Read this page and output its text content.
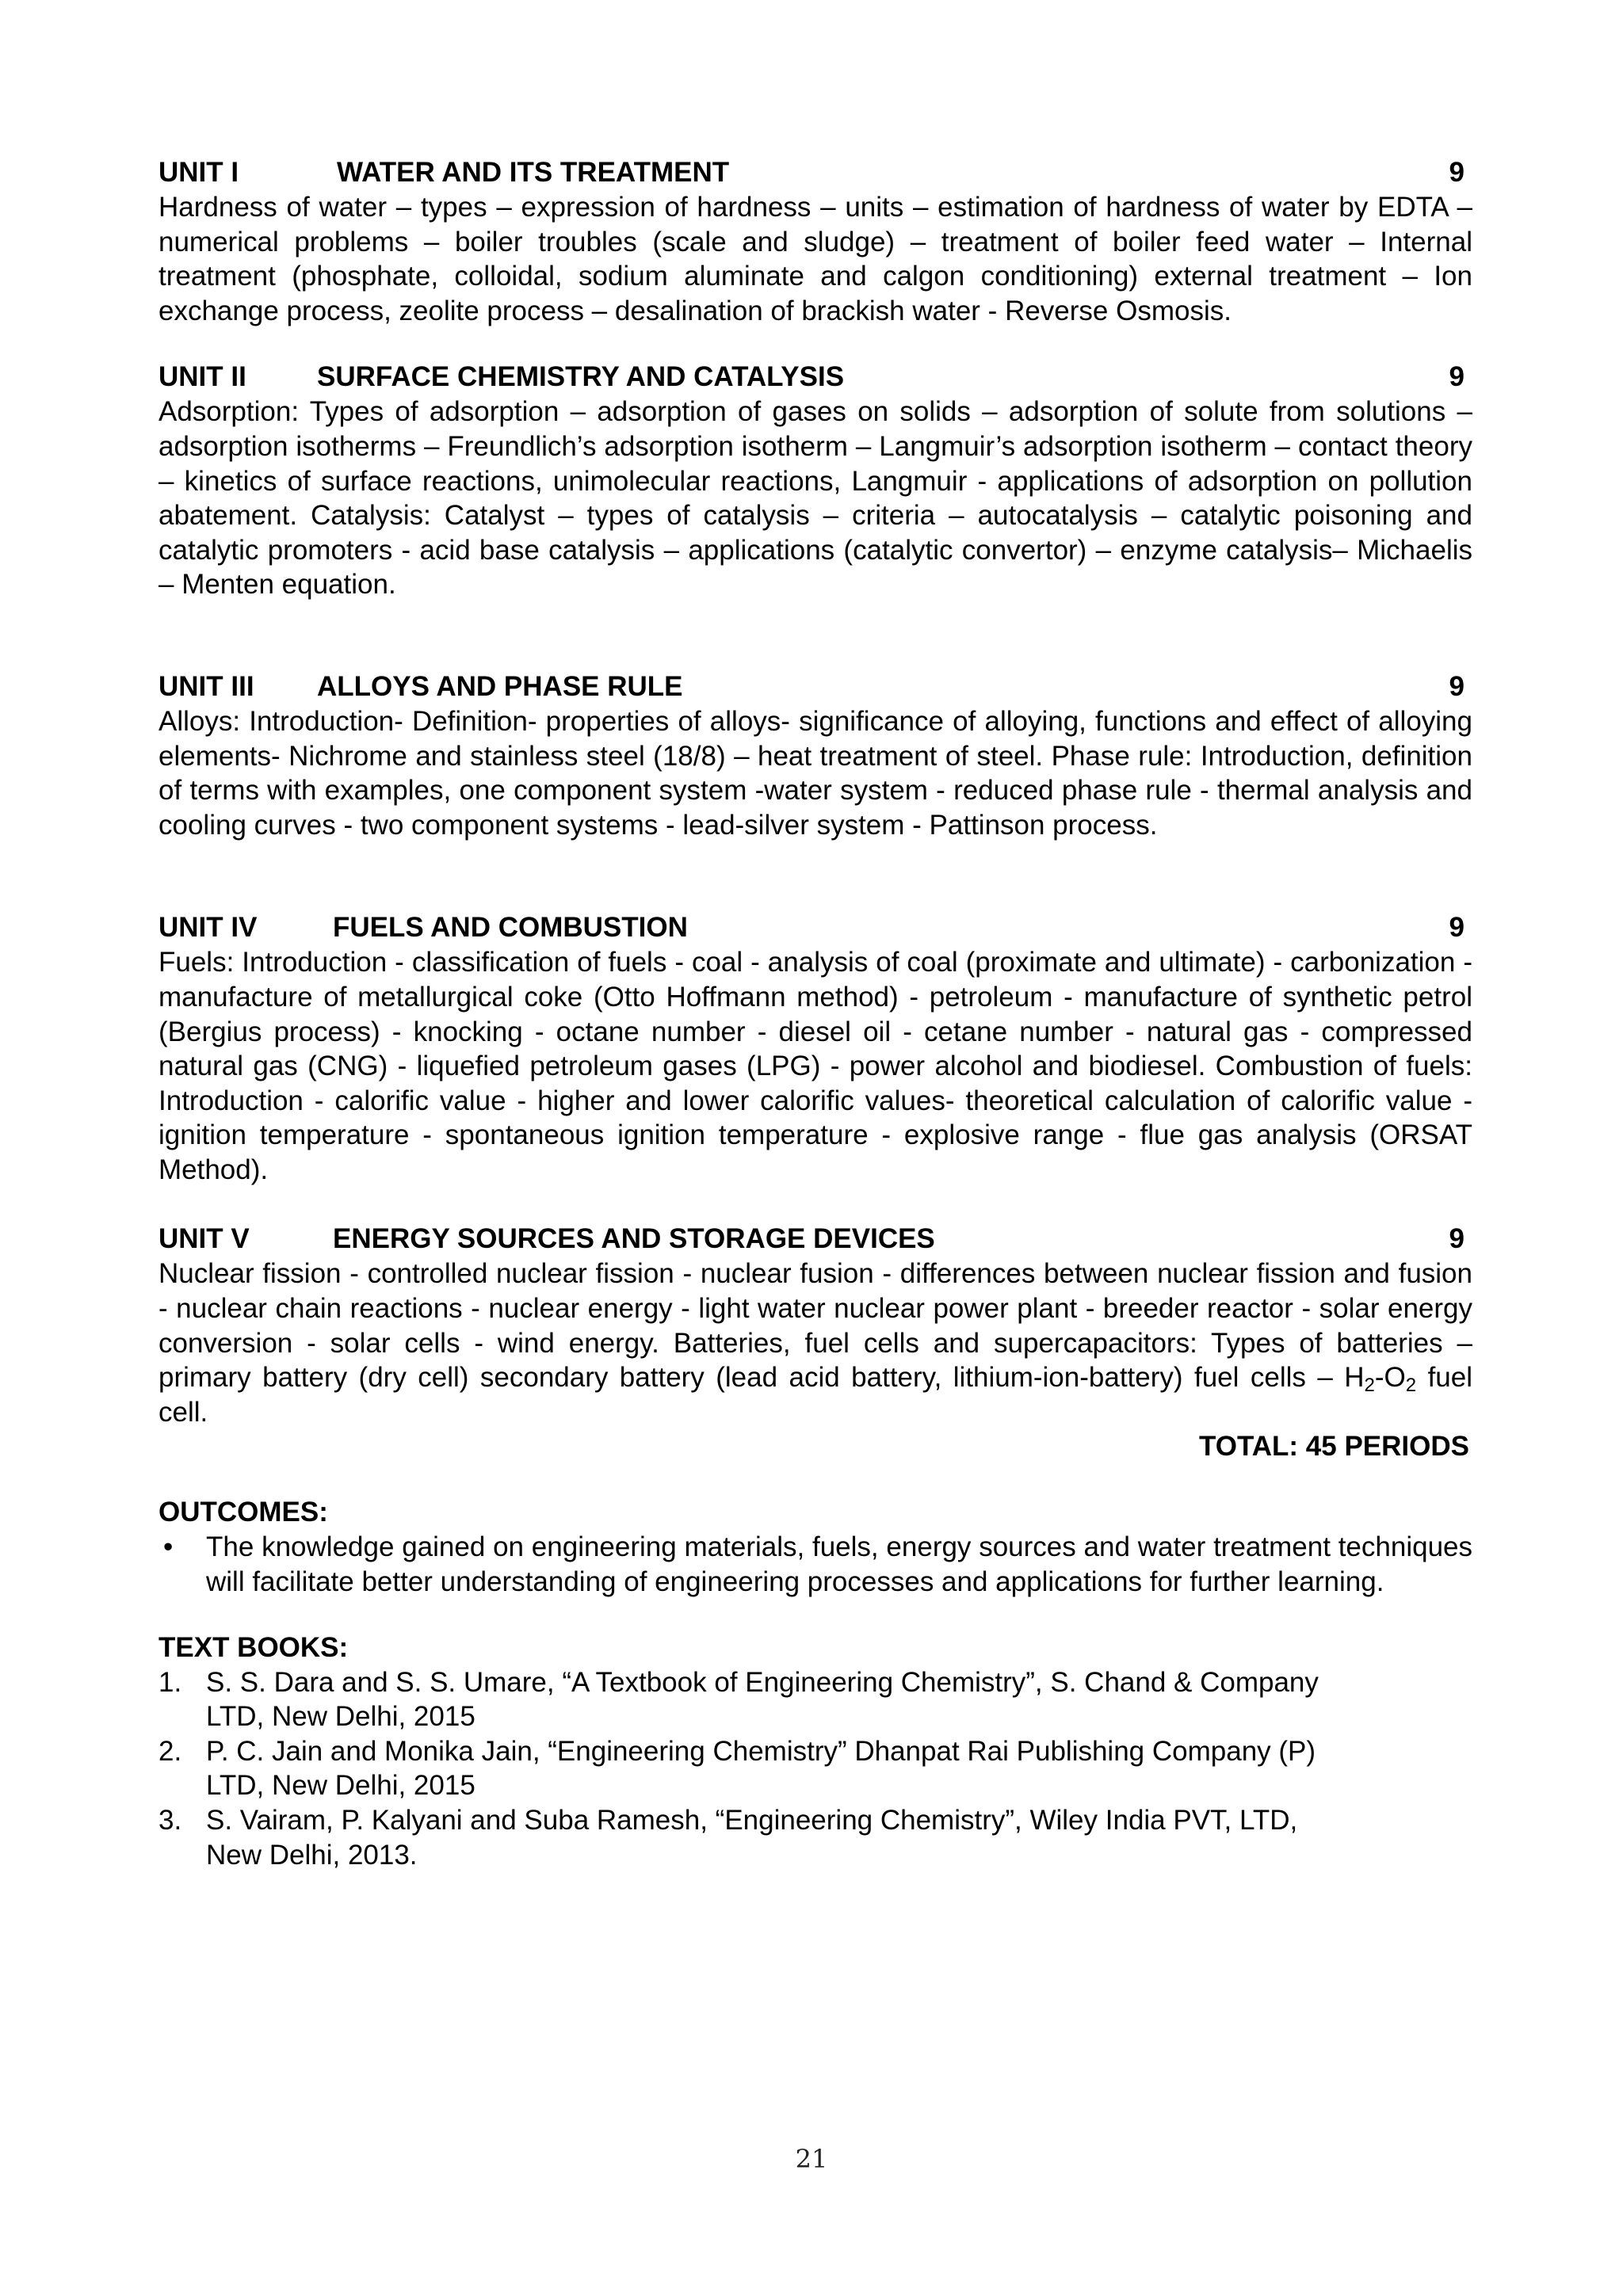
UNIT I	WATER AND ITS TREATMENT	9

Hardness of water – types – expression of hardness – units – estimation of hardness of water by EDTA – numerical problems – boiler troubles (scale and sludge) – treatment of boiler feed water – Internal treatment (phosphate, colloidal, sodium aluminate and calgon conditioning) external treatment – Ion exchange process, zeolite process – desalination of brackish water - Reverse Osmosis.

UNIT II	SURFACE CHEMISTRY AND CATALYSIS	9

Adsorption: Types of adsorption – adsorption of gases on solids – adsorption of solute from solutions – adsorption isotherms – Freundlich’s adsorption isotherm – Langmuir’s adsorption isotherm – contact theory – kinetics of surface reactions, unimolecular reactions, Langmuir - applications of adsorption on pollution abatement. Catalysis: Catalyst – types of catalysis – criteria – autocatalysis – catalytic poisoning and catalytic promoters - acid base catalysis – applications (catalytic convertor) – enzyme catalysis– Michaelis – Menten equation.

UNIT III	ALLOYS AND PHASE RULE	9

Alloys: Introduction- Definition- properties of alloys- significance of alloying, functions and effect of alloying elements- Nichrome and stainless steel (18/8) – heat treatment of steel. Phase rule: Introduction, definition of terms with examples, one component system -water system - reduced phase rule - thermal analysis and cooling curves - two component systems - lead-silver system - Pattinson process.

UNIT IV	FUELS AND COMBUSTION	9

Fuels: Introduction - classification of fuels - coal - analysis of coal (proximate and ultimate) - carbonization - manufacture of metallurgical coke (Otto Hoffmann method) - petroleum - manufacture of synthetic petrol (Bergius process) - knocking - octane number - diesel oil - cetane number - natural gas - compressed natural gas (CNG) - liquefied petroleum gases (LPG) - power alcohol and biodiesel. Combustion of fuels: Introduction - calorific value - higher and lower calorific values- theoretical calculation of calorific value - ignition temperature - spontaneous ignition temperature - explosive range - flue gas analysis (ORSAT Method).

UNIT V	ENERGY SOURCES AND STORAGE DEVICES	9

Nuclear fission - controlled nuclear fission - nuclear fusion - differences between nuclear fission and fusion - nuclear chain reactions - nuclear energy - light water nuclear power plant - breeder reactor - solar energy conversion - solar cells - wind energy. Batteries, fuel cells and supercapacitors: Types of batteries – primary battery (dry cell) secondary battery (lead acid battery, lithium-ion-battery) fuel cells – $H_2-O_2$ fuel cell.

TOTAL: 45 PERIODS
OUTCOMES:
• The knowledge gained on engineering materials, fuels, energy sources and water treatment techniques will facilitate better understanding of engineering processes and applications for further learning.
TEXT BOOKS:
1. S. S. Dara and S. S. Umare, “A Textbook of Engineering Chemistry”, S. Chand & Company
LTD, New Delhi, 2015
2. P. C. Jain and Monika Jain, “Engineering Chemistry” Dhanpat Rai Publishing Company (P)
LTD, New Delhi, 2015
3. S. Vairam, P. Kalyani and Suba Ramesh, “Engineering Chemistry”, Wiley India PVT, LTD,
New Delhi, 2013.
21
